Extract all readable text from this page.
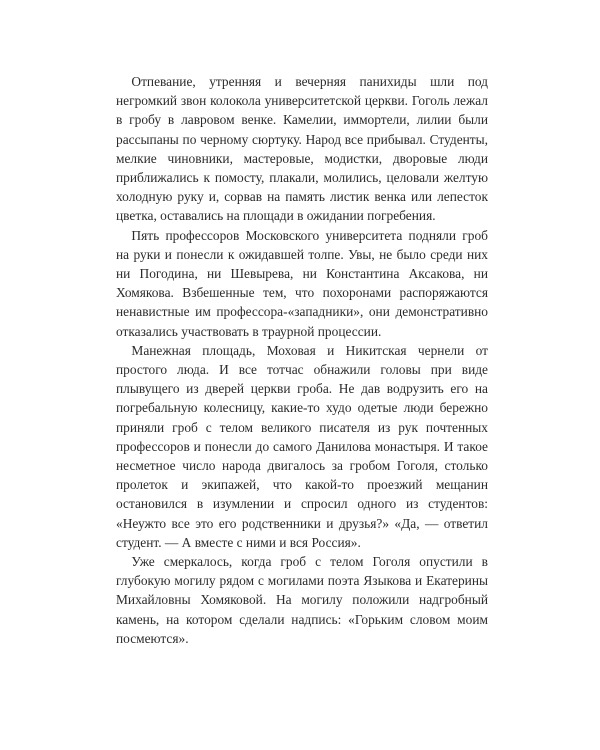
Отпевание, утренняя и вечерняя панихиды шли под негромкий звон колокола университетской церкви. Гоголь лежал в гробу в лавровом венке. Камелии, иммортели, лилии были рассыпаны по черному сюртуку. Народ все прибывал. Студенты, мелкие чиновники, мастеровые, модистки, дворовые люди приближались к помосту, плакали, молились, целовали желтую холодную руку и, сорвав на память листик венка или лепесток цветка, оставались на площади в ожидании погребения.

Пять профессоров Московского университета подняли гроб на руки и понесли к ожидавшей толпе. Увы, не было среди них ни Погодина, ни Шевырева, ни Константина Аксакова, ни Хомякова. Взбешенные тем, что похоронами распоряжаются ненавистные им профессора-«западники», они демонстративно отказались участвовать в траурной процессии.

Манежная площадь, Моховая и Никитская чернели от простого люда. И все тотчас обнажили головы при виде плывущего из дверей церкви гроба. Не дав водрузить его на погребальную колесницу, какие-то худо одетые люди бережно приняли гроб с телом великого писателя из рук почтенных профессоров и понесли до самого Данилова монастыря. И такое несметное число народа двигалось за гробом Гоголя, столько пролеток и экипажей, что какой-то проезжий мещанин остановился в изумлении и спросил одного из студентов: «Неужто все это его родственники и друзья?» «Да, — ответил студент. — А вместе с ними и вся Россия».

Уже смеркалось, когда гроб с телом Гоголя опустили в глубокую могилу рядом с могилами поэта Языкова и Екатерины Михайловны Хомяковой. На могилу положили надгробный камень, на котором сделали надпись: «Горьким словом моим посмеются».
